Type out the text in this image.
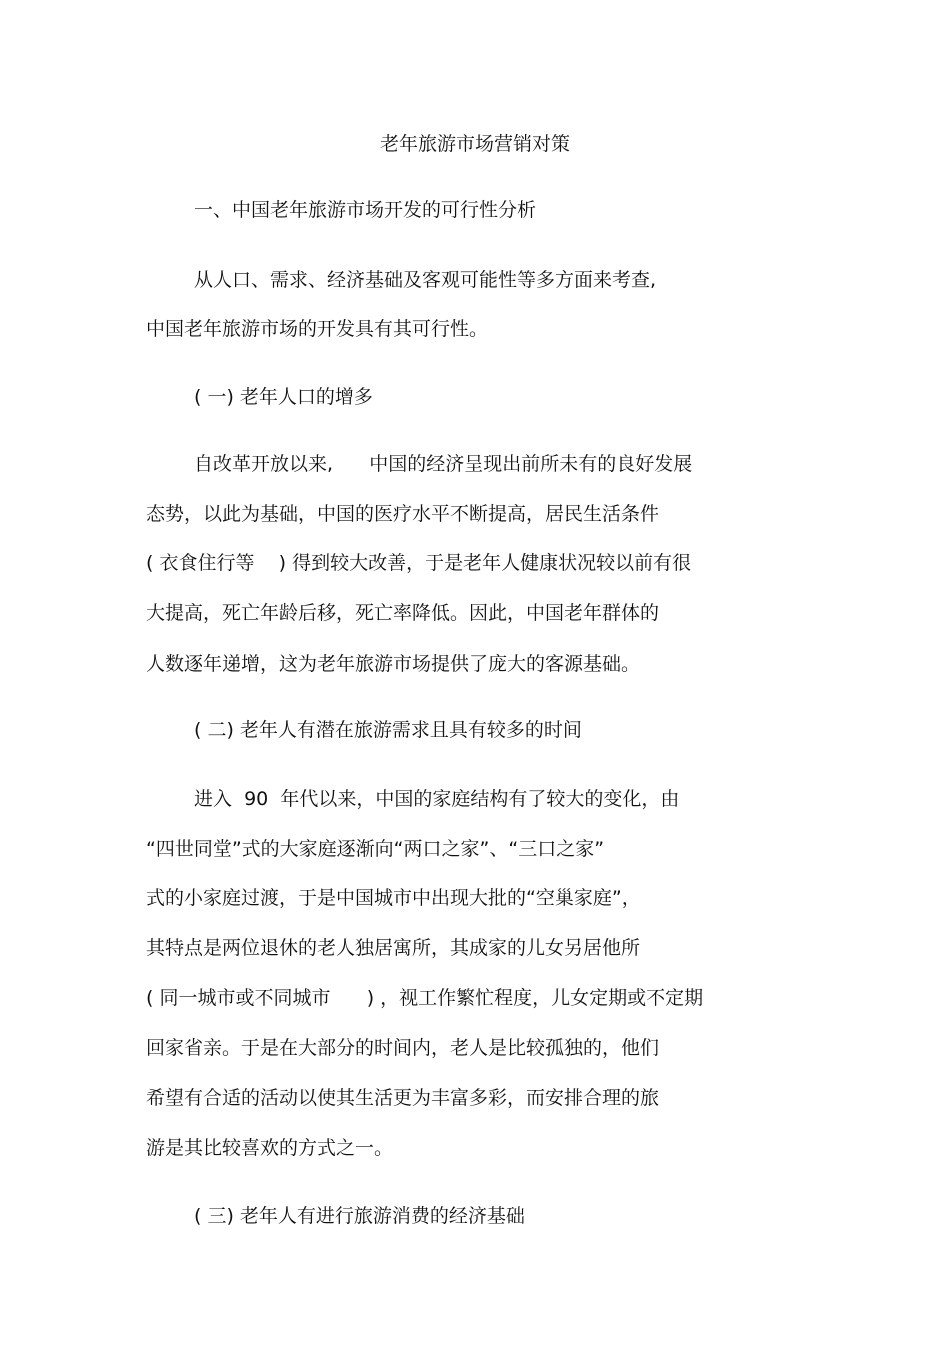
老年旅游市场营销对策
一、中国老年旅游市场开发的可行性分析
从人口、需求、经济基础及客观可能性等多方面来考查,
中国老年旅游市场的开发具有其可行性。
( 一) 老年人口的增多
自改革开放以来,      中国的经济呈现出前所未有的良好发展
态势，以此为基础，中国的医疗水平不断提高，居民生活条件
( 衣食住行等    ) 得到较大改善，于是老年人健康状况较以前有很
大提高，死亡年龄后移，死亡率降低。因此，中国老年群体的
人数逐年递增，这为老年旅游市场提供了庞大的客源基础。
( 二) 老年人有潜在旅游需求且具有较多的时间
进入  90  年代以来，中国的家庭结构有了较大的变化，由
“四世同堂”式的大家庭逐渐向“两口之家”、“三口之家”
式的小家庭过渡，于是中国城市中出现大批的“空巢家庭”，
其特点是两位退休的老人独居寓所，其成家的儿女另居他所
( 同一城市或不同城市      ) ，视工作繁忙程度，儿女定期或不定期
回家省亲。于是在大部分的时间内，老人是比较孤独的，他们
希望有合适的活动以使其生活更为丰富多彩，而安排合理的旅
游是其比较喜欢的方式之一。
( 三) 老年人有进行旅游消费的经济基础
